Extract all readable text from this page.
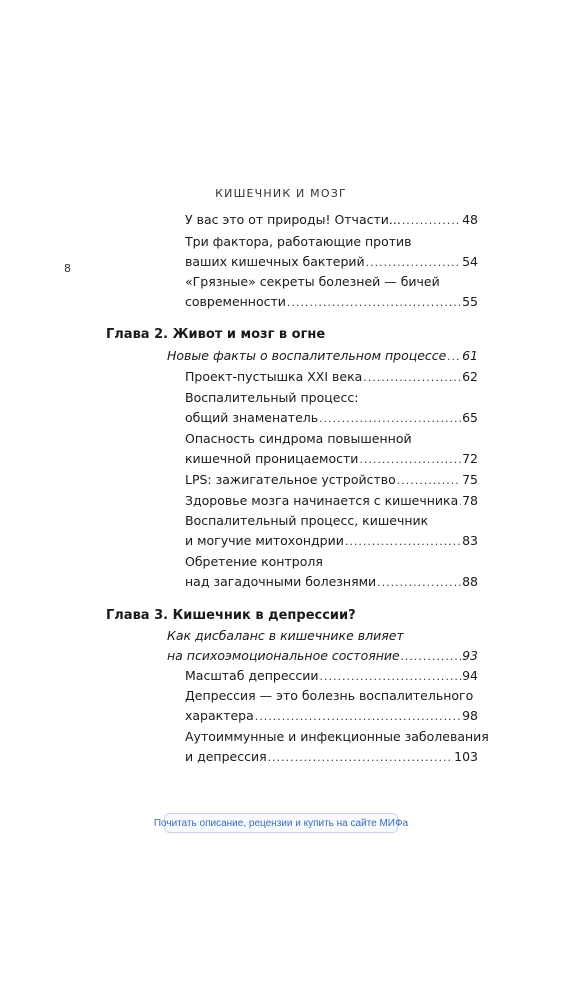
8
КИШЕЧНИК И МОЗГ
У вас это от природы! Отчасти... .....	48
Три фактора, работающие против
ваших кишечных бактерий .....	54
«Грязные» секреты болезней — бичей
современности .....	55
Глава 2. Живот и мозг в огне
Новые факты о воспалительном процессе ..... 61
Проект-пустышка XXI века .....	62
Воспалительный процесс:
общий знаменатель .....	65
Опасность синдрома повышенной
кишечной проницаемости .....	72
LPS: зажигательное устройство .....	75
Здоровье мозга начинается с кишечника ..... 78
Воспалительный процесс, кишечник
и могучие митохондрии .....	83
Обретение контроля
над загадочными болезнями .....	88
Глава 3. Кишечник в депрессии?
Как дисбаланс в кишечнике влияет
на психоэмоциональное состояние .....	93
Масштаб депрессии .....	94
Депрессия — это болезнь воспалительного
характера .....	98
Аутоиммунные и инфекционные заболевания
и депрессия .....	103
Почитать описание, рецензии и купить на сайте МИФа
